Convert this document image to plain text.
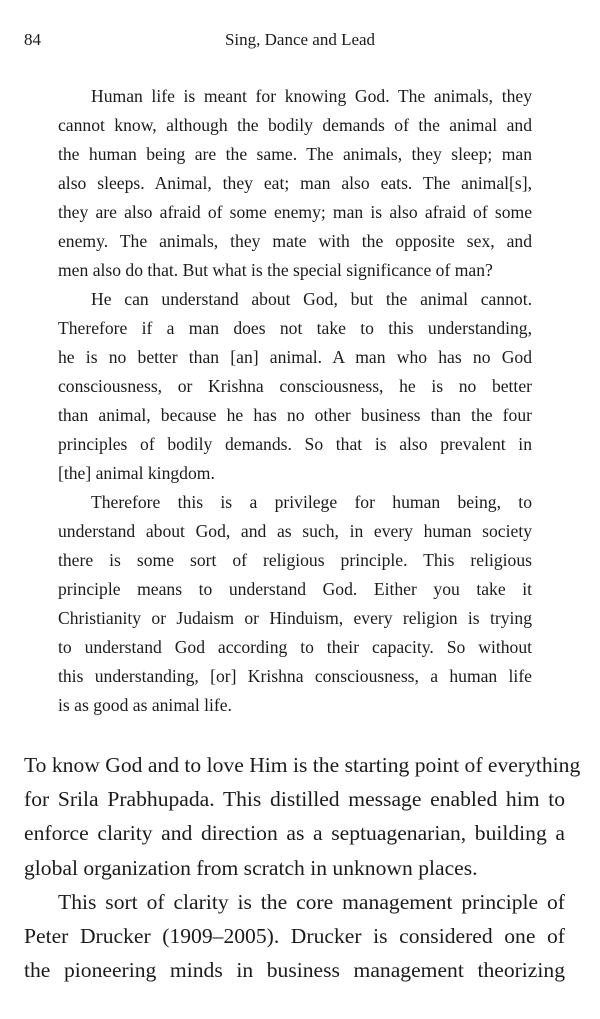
84	Sing, Dance and Lead

Human life is meant for knowing God. The animals, they
cannot know, although the bodily demands of the animal and
the human being are the same. The animals, they sleep; man
also sleeps. Animal, they eat; man also eats. The animal[s],
they are also afraid of some enemy; man is also afraid of some
enemy. The animals, they mate with the opposite sex, and
men also do that. But what is the special significance of man?

He can understand about God, but the animal cannot.
Therefore if a man does not take to this understanding,
he is no better than [an] animal. A man who has no God
consciousness, or Krishna consciousness, he is no better
than animal, because he has no other business than the four
principles of bodily demands. So that is also prevalent in
[the] animal kingdom.

Therefore this is a privilege for human being, to
understand about God, and as such, in every human society
there is some sort of religious principle. This religious
principle means to understand God. Either you take it
Christianity or Judaism or Hinduism, every religion is trying
to understand God according to their capacity. So without
this understanding, [or] Krishna consciousness, a human life
is as good as animal life.

To know God and to love Him is the starting point of everything
for Srila Prabhupada. This distilled message enabled him to
enforce clarity and direction as a septuagenarian, building a
global organization from scratch in unknown places.

This sort of clarity is the core management principle of
Peter Drucker (1909–2005). Drucker is considered one of
the pioneering minds in business management theorizing
